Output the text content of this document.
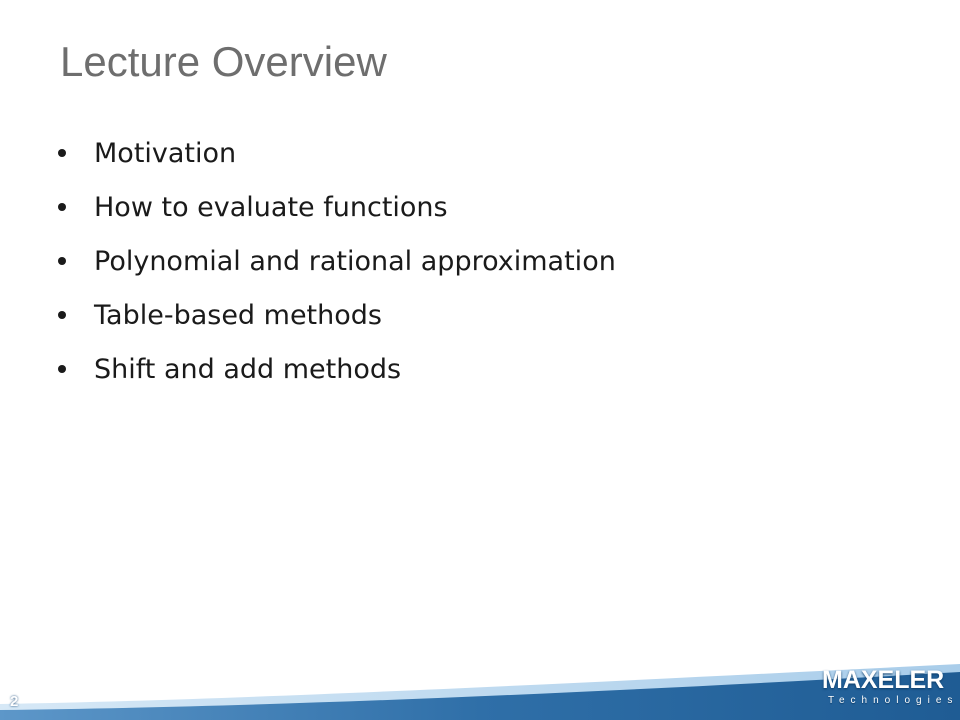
Lecture Overview
Motivation
How to evaluate functions
Polynomial and rational approximation
Table-based methods
Shift and add methods
2
MAXELER
Technologies
